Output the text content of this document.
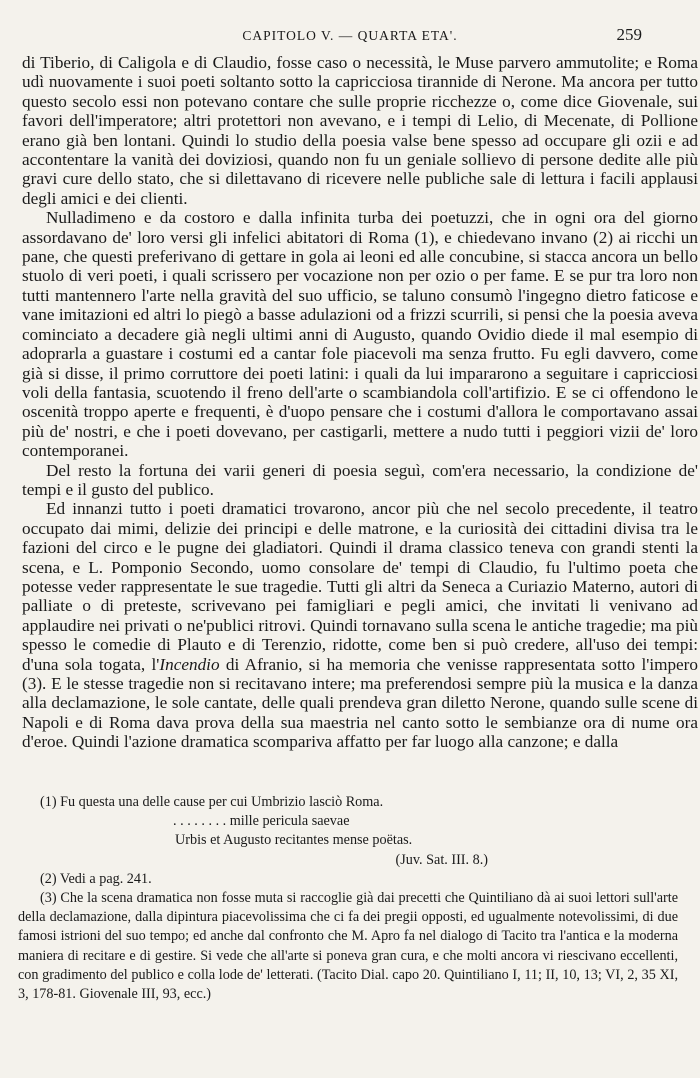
CAPITOLO V. — QUARTA ETA'.	259

di Tiberio, di Caligola e di Claudio, fosse caso o necessità, le Muse parvero ammutolite; e Roma udì nuovamente i suoi poeti soltanto sotto la capricciosa tirannide di Nerone. Ma ancora per tutto questo secolo essi non potevano contare che sulle proprie ricchezze o, come dice Giovenale, sui favori dell'imperatore; altri protettori non avevano, e i tempi di Lelio, di Mecenate, di Pollione erano già ben lontani. Quindi lo studio della poesia valse bene spesso ad occupare gli ozii e ad accontentare la vanità dei doviziosi, quando non fu un geniale sollievo di persone dedite alle più gravi cure dello stato, che si dilettavano di ricevere nelle publiche sale di lettura i facili applausi degli amici e dei clienti.

Nulladimeno e da costoro e dalla infinita turba dei poetuzzi, che in ogni ora del giorno assordavano de' loro versi gli infelici abitatori di Roma (1), e chiedevano invano (2) ai ricchi un pane, che questi preferivano di gettare in gola ai leoni ed alle concubine, si stacca ancora un bello stuolo di veri poeti, i quali scrissero per vocazione non per ozio o per fame. E se pur tra loro non tutti mantennero l'arte nella gravità del suo ufficio, se taluno consumò l'ingegno dietro faticose e vane imitazioni ed altri lo piegò a basse adulazioni od a frizzi scurrili, si pensi che la poesia aveva cominciato a decadere già negli ultimi anni di Augusto, quando Ovidio diede il mal esempio di adoprarla a guastare i costumi ed a cantar fole piacevoli ma senza frutto. Fu egli davvero, come già si disse, il primo corruttore dei poeti latini: i quali da lui impararono a seguitare i capricciosi voli della fantasia, scuotendo il freno dell'arte o scambiandola coll'artifizio. E se ci offendono le oscenità troppo aperte e frequenti, è d'uopo pensare che i costumi d'allora le comportavano assai più de' nostri, e che i poeti dovevano, per castigarli, mettere a nudo tutti i peggiori vizii de' loro contemporanei.

Del resto la fortuna dei varii generi di poesia seguì, com'era necessario, la condizione de' tempi e il gusto del publico.

Ed innanzi tutto i poeti dramatici trovarono, ancor più che nel secolo precedente, il teatro occupato dai mimi, delizie dei principi e delle matrone, e la curiosità dei cittadini divisa tra le fazioni del circo e le pugne dei gladiatori. Quindi il drama classico teneva con grandi stenti la scena, e L. Pomponio Secondo, uomo consolare de' tempi di Claudio, fu l'ultimo poeta che potesse veder rappresentate le sue tragedie. Tutti gli altri da Seneca a Curiazio Materno, autori di palliate o di pretestе, scrivevano pei famigliari e pegli amici, che invitati li venivano ad applaudire nei privati o ne'publici ritrovi. Quindi tornavano sulla scena le antiche tragedie; ma più spesso le comedie di Plauto e di Terenzio, ridotte, come ben si può credere, all'uso dei tempi: d'una sola togata, l'Incendio di Afranio, si ha memoria che venisse rappresentata sotto l'impero (3). E le stesse tragedie non si recitavano intere; ma preferendosi sempre più la musica e la danza alla declamazione, le sole cantate, delle quali prendeva gran diletto Nerone, quando sulle scene di Napoli e di Roma dava prova della sua maestria nel canto sotto le sembianze ora di nume ora d'eroe. Quindi l'azione dramatica scompariva affatto per far luogo alla canzone; e dalla

(1) Fu questa una delle cause per cui Umbrizio lasciò Roma.

. . . . . . . . mille pericula saevae

Urbis et Augusto recitantes mense poëtas.

(Juv. Sat. III. 8.)

(2) Vedi a pag. 241.

(3) Che la scena dramatica non fosse muta si raccoglie già dai precetti che Quintiliano dà ai suoi lettori sull'arte della declamazione, dalla dipintura piacevolissima che ci fa dei pregii opposti, ed ugualmente notevolissimi, di due famosi istrioni del suo tempo; ed anche dal confronto che M. Apro fa nel dialogo di Tacito tra l'antica e la moderna maniera di recitare e di gestire. Si vede che all'arte si poneva gran cura, e che molti ancora vi riescivano eccellenti, con gradimento del publico e colla lode de' letterati. (Tacito Dial. capo 20. Quintiliano I, 11; II, 10, 13; VI, 2, 35 XI, 3, 178-81. Giovenale III, 93, ecc.)
